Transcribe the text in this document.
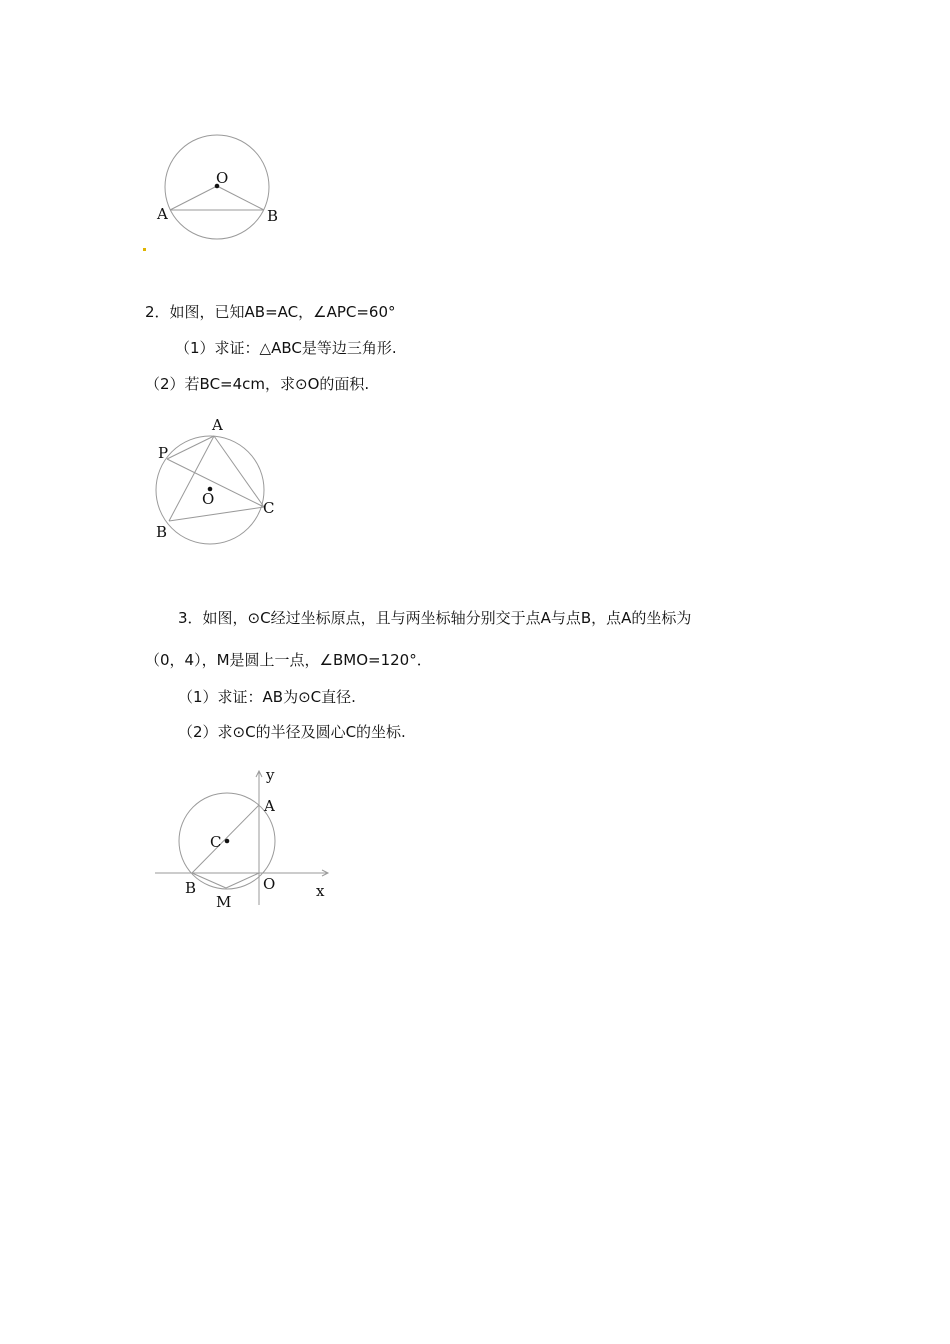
O
A	B
2．如图，已知AB=AC，∠APC=60°
（1）求证：△ABC是等边三角形.
（2）若BC=4cm，求⊙O的面积.
A
P
O	C
B
3．如图，⊙C经过坐标原点，且与两坐标轴分别交于点A与点B，点A的坐标为
（0，4），M是圆上一点，∠BMO=120°．
（1）求证：AB为⊙C直径.
（2）求⊙C的半径及圆心C的坐标.
y
A
C
B	O
M
x
